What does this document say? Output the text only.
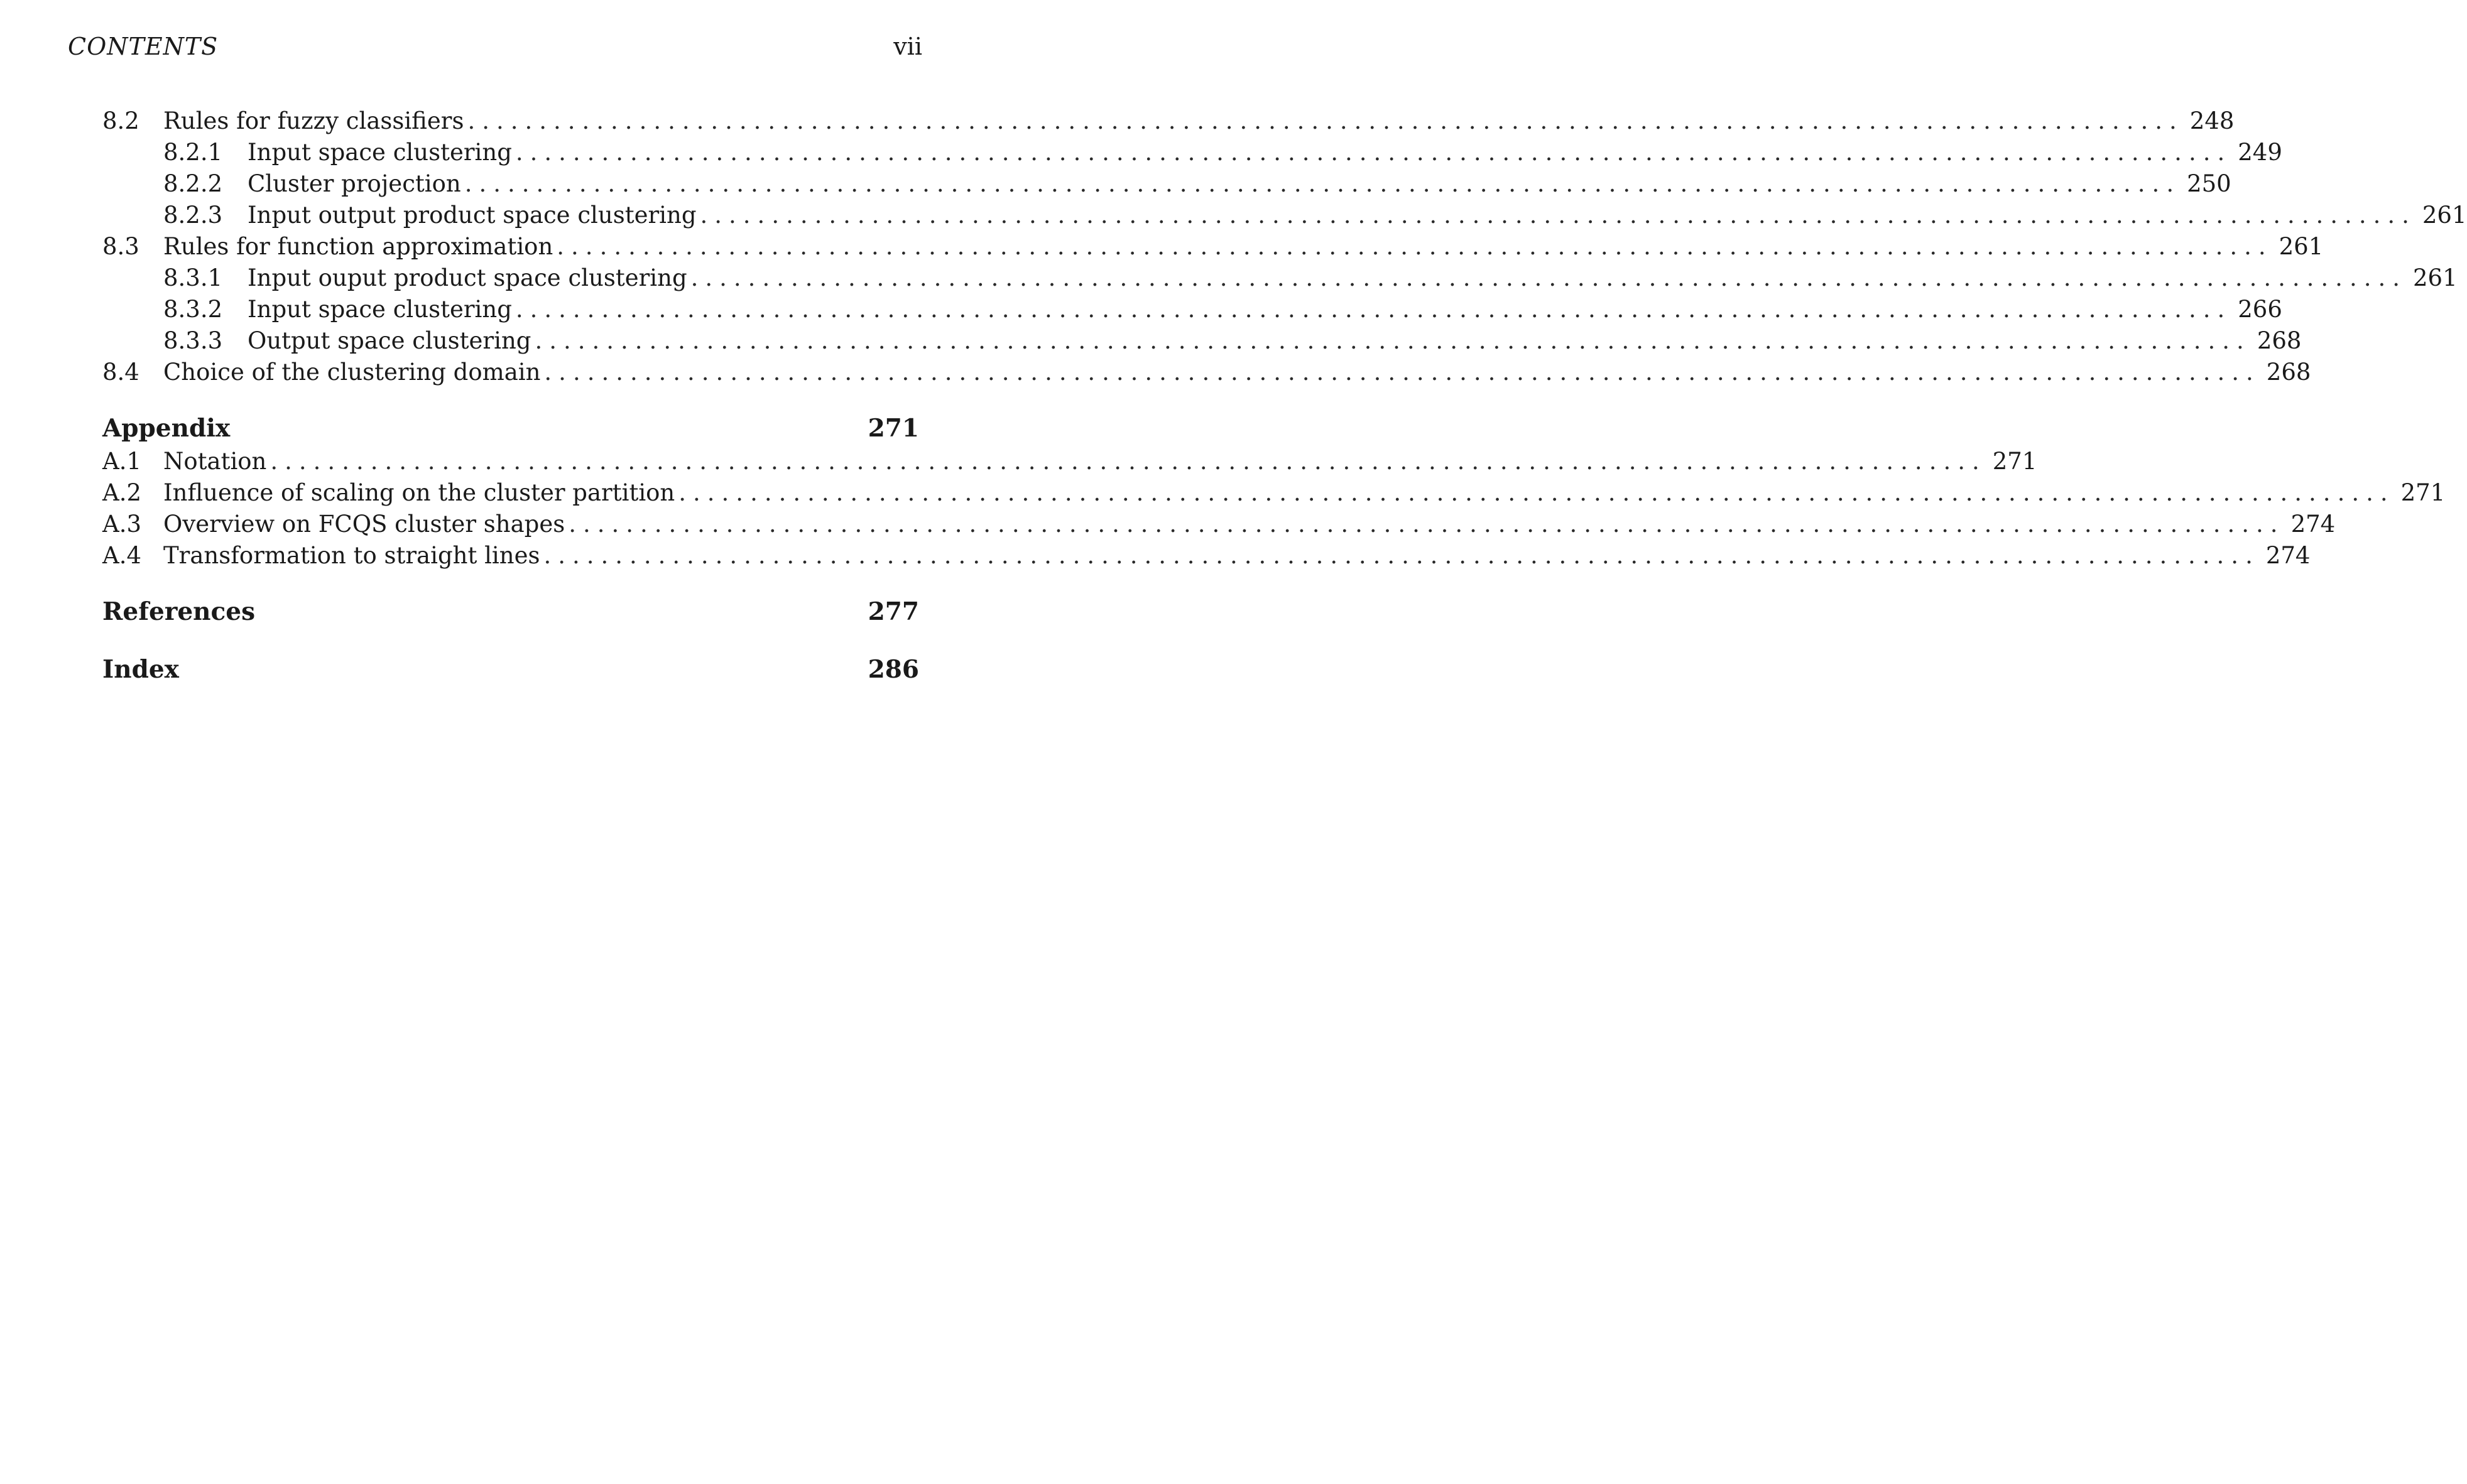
CONTENTS	vii
8.2	Rules for fuzzy classifiers ........................................................................................................................ 248
8.2.1	Input space clustering ........................................................................................................................ 249
8.2.2	Cluster projection ........................................................................................................................ 250
8.2.3	Input output product space clustering ........................................................................................................................ 261
8.3	Rules for function approximation ........................................................................................................................ 261
8.3.1	Input ouput product space clustering ........................................................................................................................ 261
8.3.2	Input space clustering ........................................................................................................................ 266
8.3.3	Output space clustering ........................................................................................................................ 268
8.4	Choice of the clustering domain ........................................................................................................................ 268
Appendix	271
A.1 Notation ........................................................................................................................ 271
A.2 Influence of scaling on the cluster partition ........................................................................................................................ 271
A.3 Overview on FCQS cluster shapes ........................................................................................................................ 274
A.4 Transformation to straight lines ........................................................................................................................ 274
References	277
Index	286
